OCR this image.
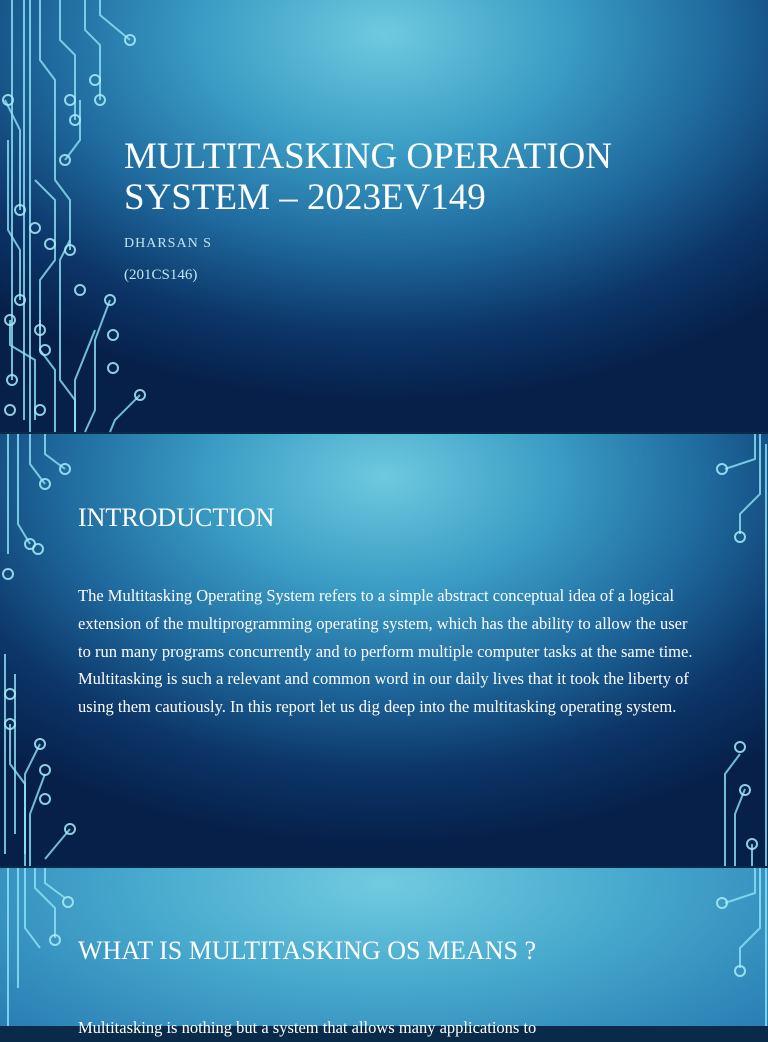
MULTITASKING OPERATION SYSTEM – 2023EV149

DHARSAN S

(201CS146)

INTRODUCTION

The Multitasking Operating System refers to a simple abstract conceptual idea of a logical extension of the multiprogramming operating system, which has the ability to allow the user to run many programs concurrently and to perform multiple computer tasks at the same time. Multitasking is such a relevant and common word in our daily lives that it took the liberty of using them cautiously. In this report let us dig deep into the multitasking operating system.

WHAT IS MULTITASKING OS MEANS ?

Multitasking is nothing but a system that allows many applications to
